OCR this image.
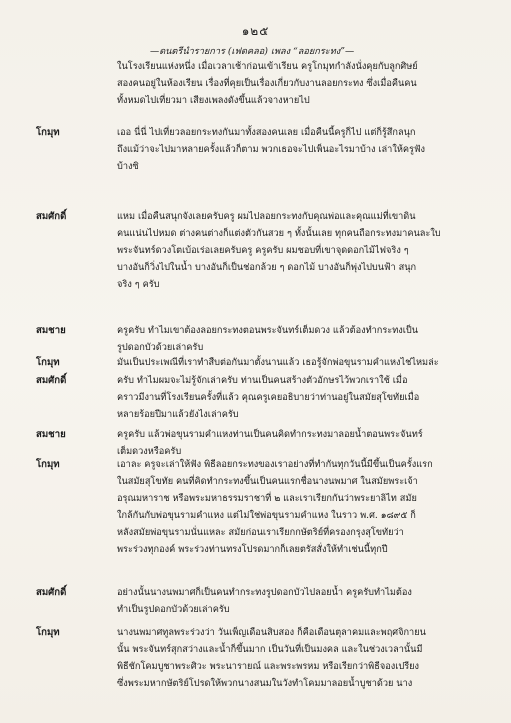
๑๒๕
—ดนตรีนำรายการ (เฟดคลอ) เพลง “ลอยกระทง”—
ในโรงเรียนแห่งหนึ่ง เมื่อเวลาเช้าก่อนเข้าเรียน ครูโกมุทกำลังนั่งคุยกับลูกศิษย์
สองคนอยู่ในห้องเรียน เรื่องที่คุยเป็นเรื่องเกี่ยวกับงานลอยกระทง ซึ่งเมื่อคืนคน
ทั้งหมดไปเที่ยวมา เสียงเพลงดังขึ้นแล้วจางหายไป
โกมุท	เออ นี่นี่ ไปเที่ยวลอยกระทงกันมาทั้งสองคนเลย เมื่อคืนนี้ครูก็ไป แต่ก็รู้สึกลนุก
ถึงแม้ว่าจะไปมาหลายครั้งแล้วก็ตาม พวกเธอจะไปเพ็นอะไรมาบ้าง เล่าให้ครูฟัง
บ้างซิ
สมศักดิ์	แหม เมื่อคืนสนุกจังเลยครับครู ผมไปลอยกระทงกับคุณพ่อและคุณแม่ที่เขาดิน
คนแน่นไปหมด ต่างคนต่างก็แต่งตัวกันสวย ๆ ทั้งนั้นเลย ทุกคนถือกระทงมาคนละใบ
พระจันทร์ดวงโตเบ้อเร่อเลยครับครู ครูครับ ผมชอบที่เขาจุดดอกไม้ไฟจริง ๆ
บางอันก็วิ่งไปในน้ำ บางอันก็เป็นช่อกล้วย ๆ ดอกไม้ บางอันก็พุ่งไปบนฟ้า สนุก
จริง ๆ ครับ
สมชาย	ครูครับ ทำไมเขาต้องลอยกระทงตอนพระจันทร์เต็มดวง แล้วต้องทำกระทงเป็น
รูปดอกบัวด้วยเล่าครับ
โกมุท	มันเป็นประเพณีที่เราทำสืบต่อกันมาตั้งนานแล้ว เธอรู้จักพ่อขุนรามคำแหงไช่ไหมล่ะ
สมศักดิ์	ครับ ทำไมผมจะไม่รู้จักเล่าครับ ท่านเป็นคนสร้างตัวอักษรไว้พวกเราใช้ เมื่อ
คราวมีงานที่โรงเรียนครั้งที่แล้ว คุณครูเคยอธิบายว่าท่านอยู่ในสมัยสุโขทัยเมื่อ
หลายร้อยปีมาแล้วยังไงเล่าครับ
สมชาย	ครูครับ แล้วพ่อขุนรามคำแหงท่านเป็นคนคิดทำกระทงมาลอยน้ำตอนพระจันทร์
เต็มดวงหรือครับ
โกมุท	เอาละ ครูจะเล่าให้ฟัง พิธีลอยกระทงของเราอย่างที่ทำกันทุกวันนี้มีขึ้นเป็นครั้งแรก
ในสมัยสุโขทัย คนที่คิดทำกระทงขึ้นเป็นคนแรกชื่อนางนพมาศ ในสมัยพระเจ้า
อรุณมหาราช หรือพระมหาธรรมราชาที่ ๒ และเราเรียกกันว่าพระยาลิไท สมัย
ใกล้กันกับพ่อขุนรามคำแหง แต่ไม่ใช่พ่อขุนรามคำแหง ในราว พ.ศ. ๑๘๙๕ ก็
หลังสมัยพ่อขุนรามนั่นแหละ สมัยก่อนเราเรียกกษัตริย์ที่ครองกรุงสุโขทัยว่า
พระร่วงทุกองค์ พระร่วงท่านทรงโปรดมากก็เลยตรัสสั่งให้ทำเช่นนี้ทุกปี
สมศักดิ์	อย่างนั้นนางนพมาศก็เป็นคนทำกระทงรูปดอกบัวไปลอยน้ำ ครูครับทำไมต้อง
ทำเป็นรูปดอกบัวด้วยเล่าครับ
โกมุท	นางนพมาศทูลพระร่วงว่า วันเพ็ญเดือนสิบสอง ก็คือเดือนตุลาคมและพฤศจิกายน
นั้น พระจันทร์สุกสว่างและน้ำก็ขึ้นมาก เป็นวันที่เป็นมงคล และในช่วงเวลานั้นมี
พิธีชักโคมบูชาพระศิวะ พระนารายณ์ และพระพรหม หรือเรียกว่าพิธีจองเปรียง
ซึ่งพระมหากษัตริย์โปรดให้พวกนางสนมในวังทำโคมมาลอยน้ำบูชาด้วย นาง
